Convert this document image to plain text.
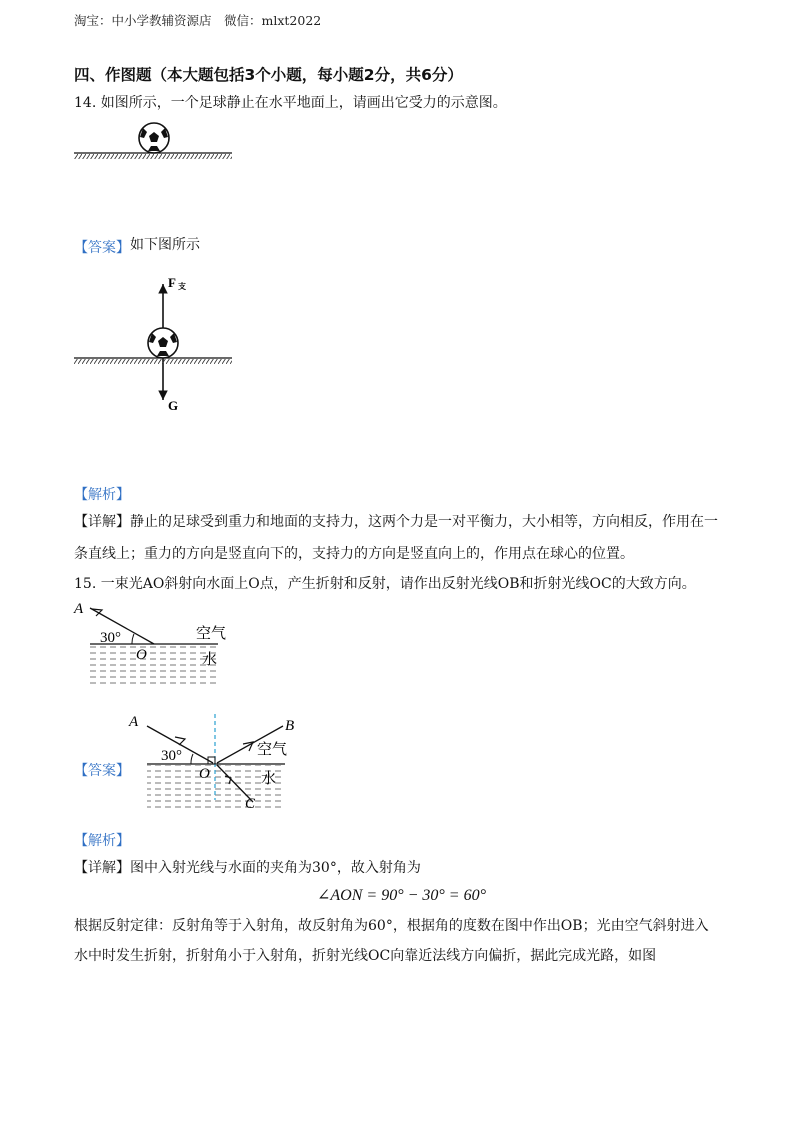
淘宝：中小学教辅资源店　微信：mlxt2022
四、作图题（本大题包括3个小题，每小题2分，共6分）
14. 如图所示，一个足球静止在水平地面上，请画出它受力的示意图。
【答案】 如下图所示
F 支
G
【解析】
【详解】静止的足球受到重力和地面的支持力，这两个力是一对平衡力，大小相等，方向相反，作用在一
条直线上；重力的方向是竖直向下的，支持力的方向是竖直向上的，作用点在球心的位置。
15. 一束光AO斜射向水面上O点，产生折射和反射，请作出反射光线OB和折射光线OC的大致方向。
A
30°
O
空气
水
【答案】
A
30°
O
B
C
空气
水
【解析】
【详解】图中入射光线与水面的夹角为30°，故入射角为
∠AON = 90° − 30° = 60°
根据反射定律：反射角等于入射角，故反射角为60°，根据角的度数在图中作出OB；光由空气斜射进入
水中时发生折射，折射角小于入射角，折射光线OC向靠近法线方向偏折，据此完成光路，如图
